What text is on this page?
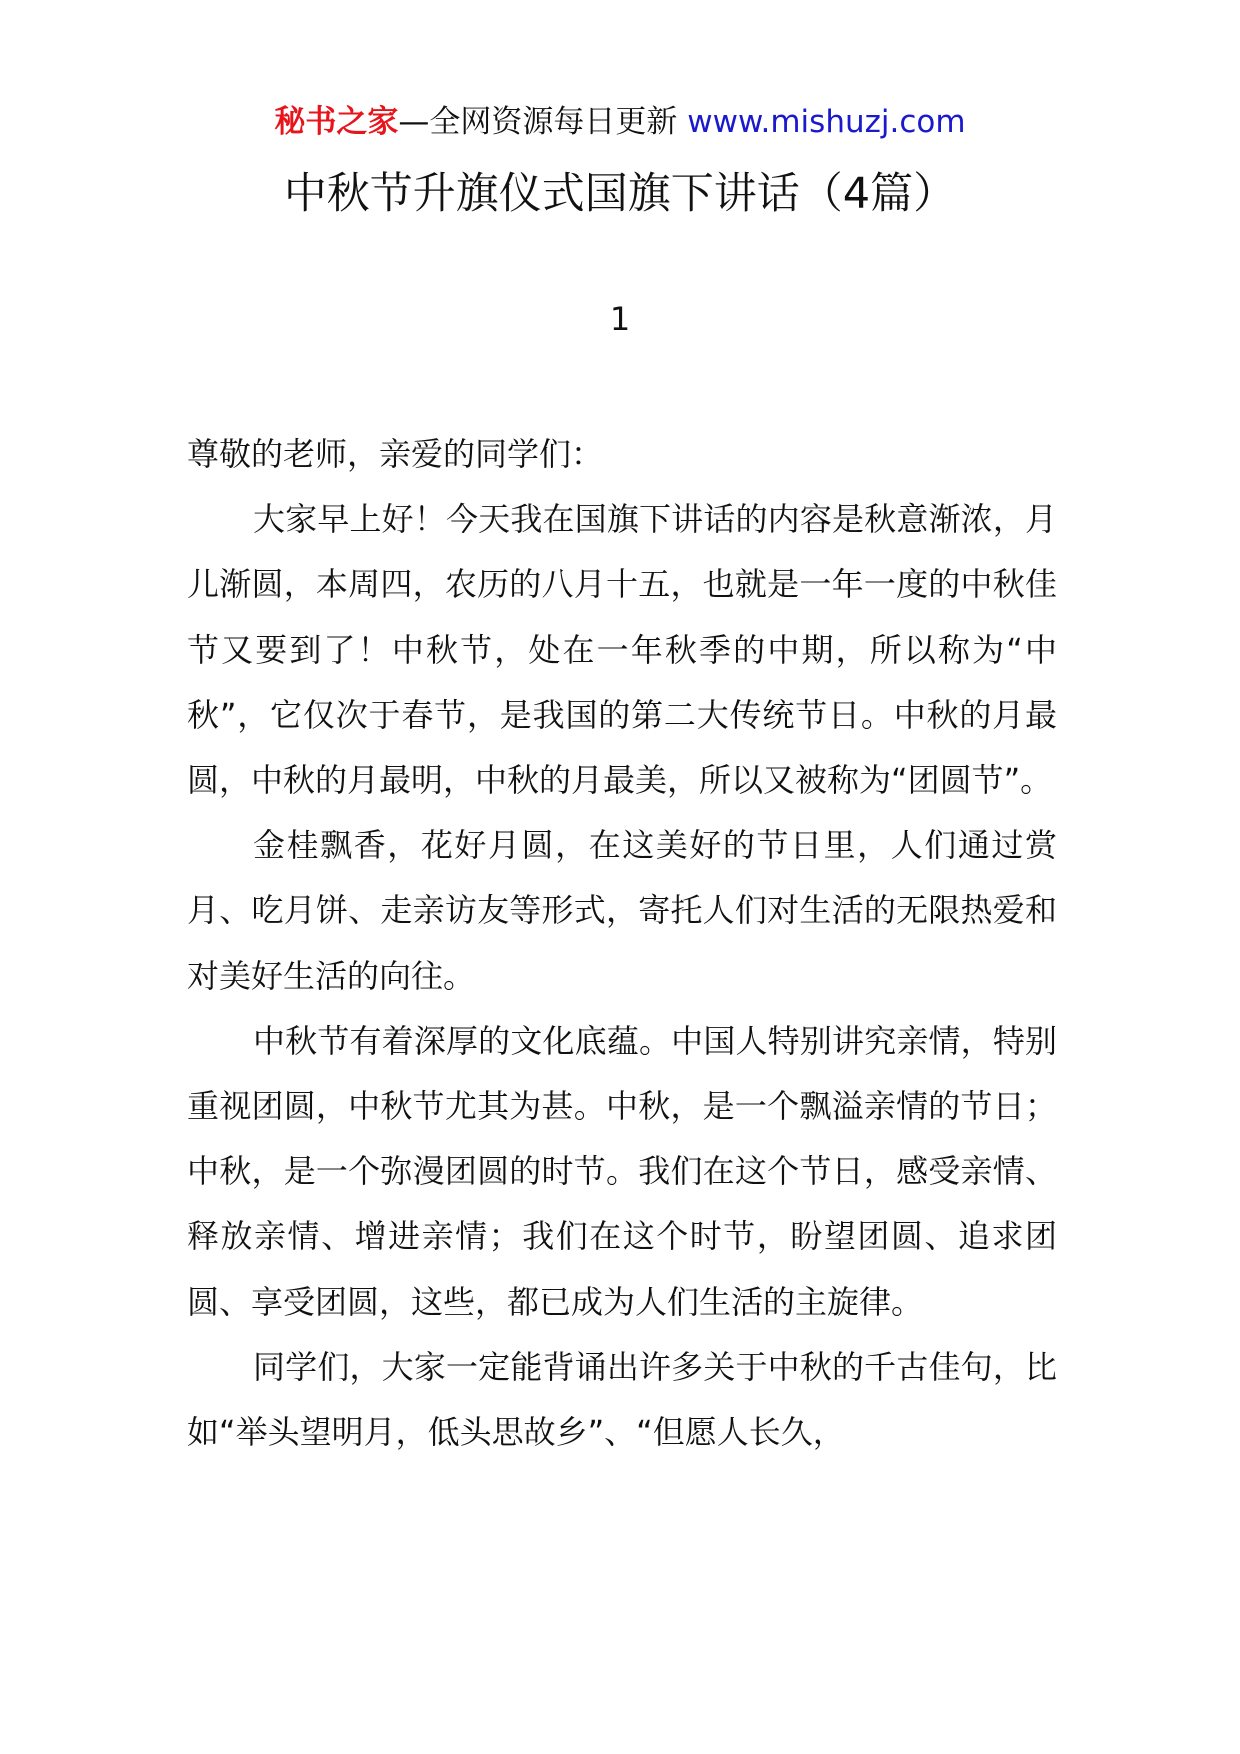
秘书之家—全网资源每日更新 www.mishuzj.com
中秋节升旗仪式国旗下讲话（4篇）
1

尊敬的老师，亲爱的同学们：

大家早上好！今天我在国旗下讲话的内容是秋意渐浓，月儿渐圆，本周四，农历的八月十五，也就是一年一度的中秋佳节又要到了！中秋节，处在一年秋季的中期，所以称为“中秋”，它仅次于春节，是我国的第二大传统节日。中秋的月最圆，中秋的月最明，中秋的月最美，所以又被称为“团圆节”。

金桂飘香，花好月圆，在这美好的节日里，人们通过赏月、吃月饼、走亲访友等形式，寄托人们对生活的无限热爱和对美好生活的向往。

中秋节有着深厚的文化底蕴。中国人特别讲究亲情，特别重视团圆，中秋节尤其为甚。中秋，是一个飘溢亲情的节日；中秋，是一个弥漫团圆的时节。我们在这个节日，感受亲情、释放亲情、增进亲情；我们在这个时节，盼望团圆、追求团圆、享受团圆，这些，都已成为人们生活的主旋律。

同学们，大家一定能背诵出许多关于中秋的千古佳句，比如“举头望明月，低头思故乡”、“但愿人长久，
